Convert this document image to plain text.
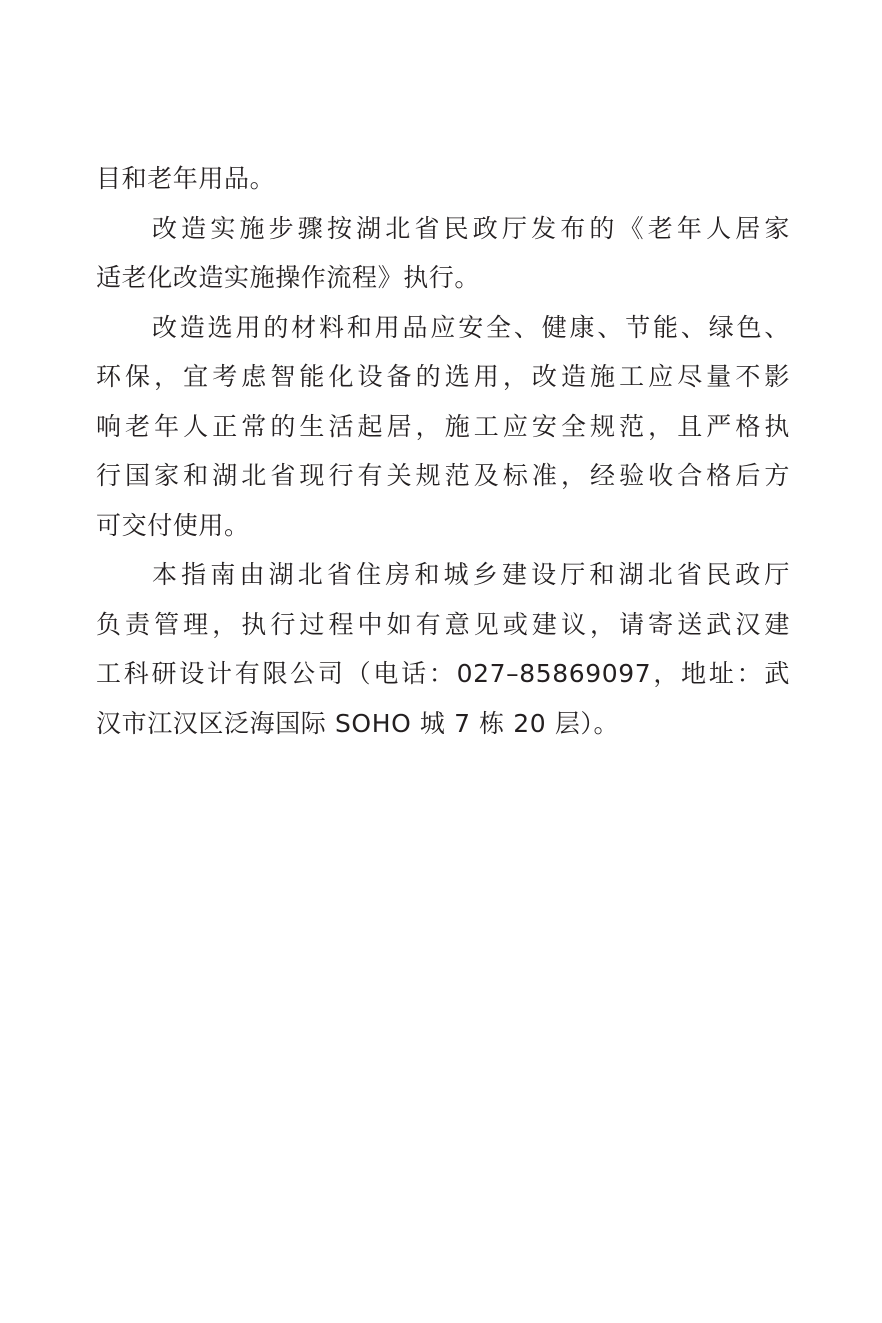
目和老年用品。
改造实施步骤按湖北省民政厅发布的《老年人居家
适老化改造实施操作流程》执行。
改造选用的材料和用品应安全、健康、节能、绿色、
环保，宜考虑智能化设备的选用，改造施工应尽量不影
响老年人正常的生活起居，施工应安全规范，且严格执
行国家和湖北省现行有关规范及标准，经验收合格后方
可交付使用。
本指南由湖北省住房和城乡建设厅和湖北省民政厅
负责管理，执行过程中如有意见或建议，请寄送武汉建
工科研设计有限公司（电话：027–85869097，地址：武
汉市江汉区泛海国际 SOHO 城 7 栋 20 层）。
